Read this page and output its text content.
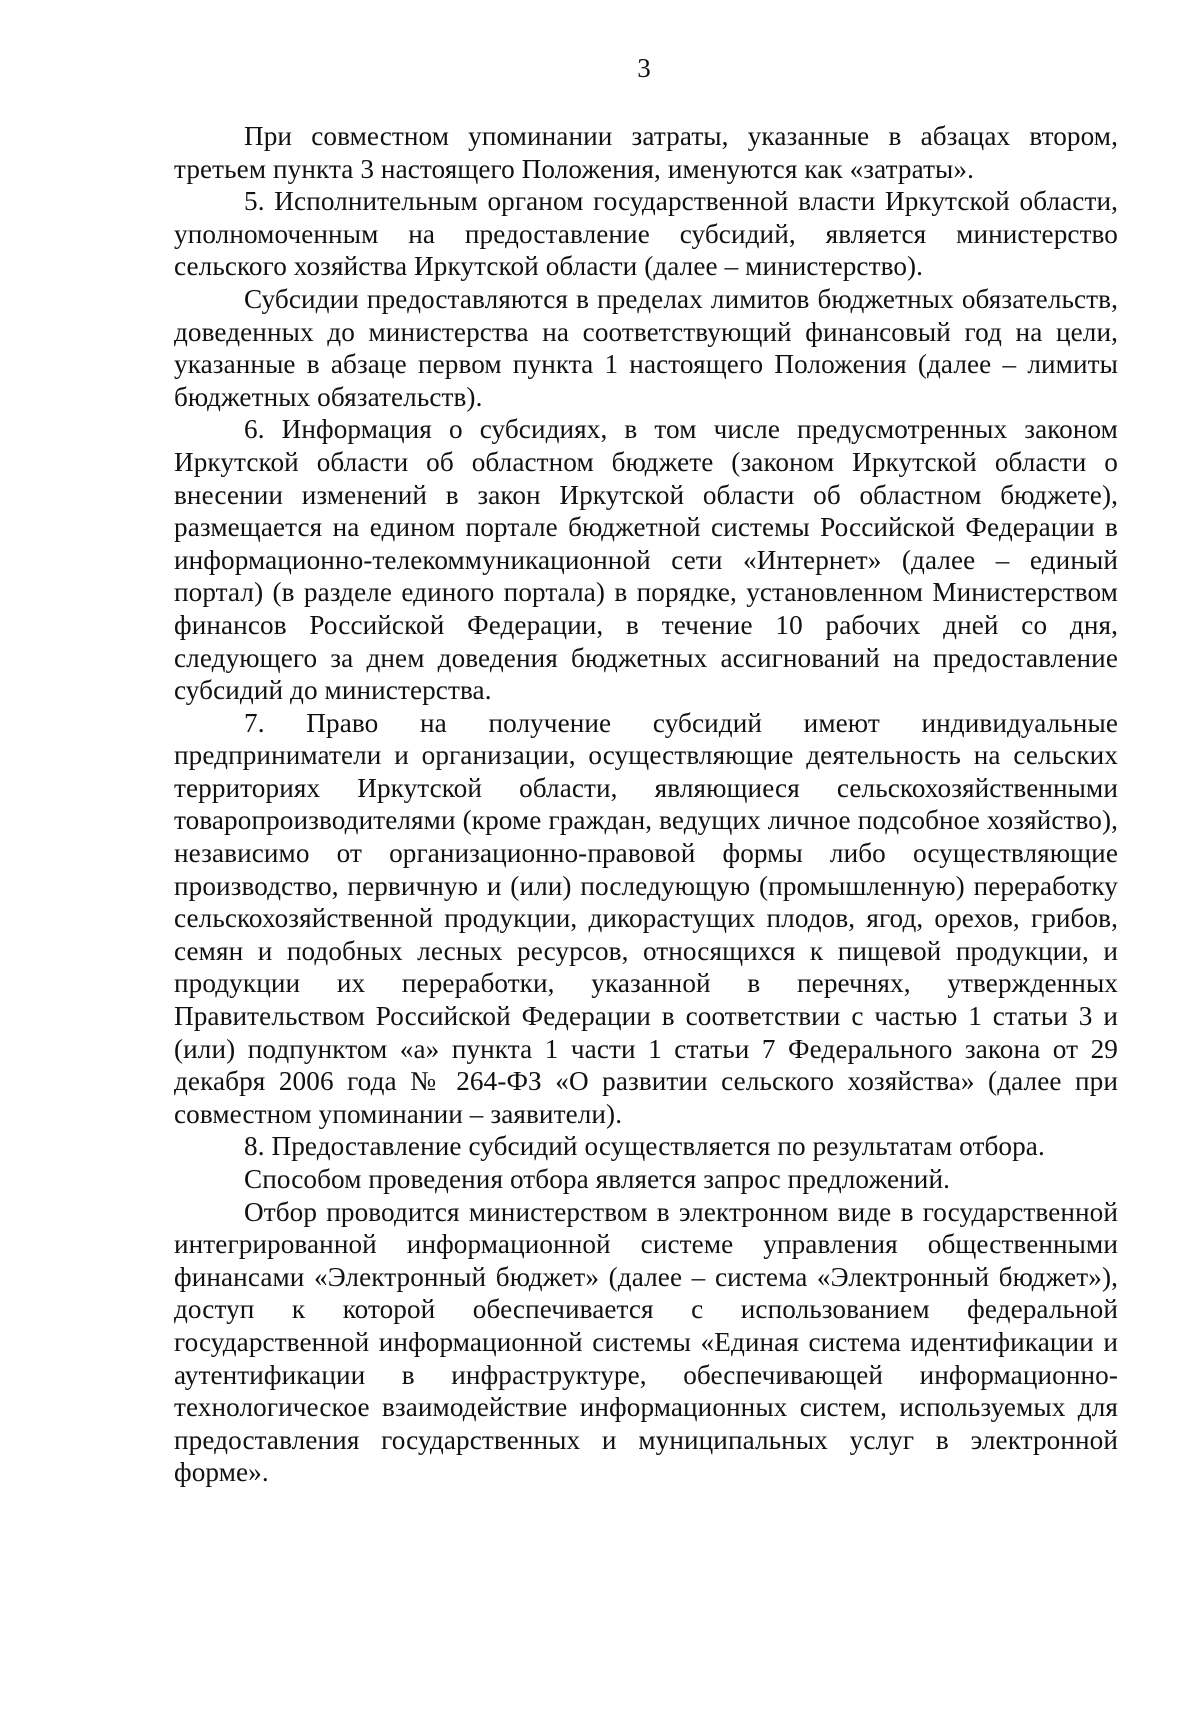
3

При совместном упоминании затраты, указанные в абзацах втором, третьем пункта 3 настоящего Положения, именуются как «затраты».

5. Исполнительным органом государственной власти Иркутской области, уполномоченным на предоставление субсидий, является министерство сельского хозяйства Иркутской области (далее – министерство).

Субсидии предоставляются в пределах лимитов бюджетных обязательств, доведенных до министерства на соответствующий финансовый год на цели, указанные в абзаце первом пункта 1 настоящего Положения (далее – лимиты бюджетных обязательств).

6. Информация о субсидиях, в том числе предусмотренных законом Иркутской области об областном бюджете (законом Иркутской области о внесении изменений в закон Иркутской области об областном бюджете), размещается на едином портале бюджетной системы Российской Федерации в информационно-телекоммуникационной сети «Интернет» (далее – единый портал) (в разделе единого портала) в порядке, установленном Министерством финансов Российской Федерации, в течение 10 рабочих дней со дня, следующего за днем доведения бюджетных ассигнований на предоставление субсидий до министерства.

7. Право на получение субсидий имеют индивидуальные предприниматели и организации, осуществляющие деятельность на сельских территориях Иркутской области, являющиеся сельскохозяйственными товаропроизводителями (кроме граждан, ведущих личное подсобное хозяйство), независимо от организационно-правовой формы либо осуществляющие производство, первичную и (или) последующую (промышленную) переработку сельскохозяйственной продукции, дикорастущих плодов, ягод, орехов, грибов, семян и подобных лесных ресурсов, относящихся к пищевой продукции, и продукции их переработки, указанной в перечнях, утвержденных Правительством Российской Федерации в соответствии с частью 1 статьи 3 и (или) подпунктом «а» пункта 1 части 1 статьи 7 Федерального закона от 29 декабря 2006 года № 264-ФЗ «О развитии сельского хозяйства» (далее при совместном упоминании – заявители).

8. Предоставление субсидий осуществляется по результатам отбора.

Способом проведения отбора является запрос предложений.

Отбор проводится министерством в электронном виде в государственной интегрированной информационной системе управления общественными финансами «Электронный бюджет» (далее – система «Электронный бюджет»), доступ к которой обеспечивается с использованием федеральной государственной информационной системы «Единая система идентификации и аутентификации в инфраструктуре, обеспечивающей информационно-технологическое взаимодействие информационных систем, используемых для предоставления государственных и муниципальных услуг в электронной форме».
